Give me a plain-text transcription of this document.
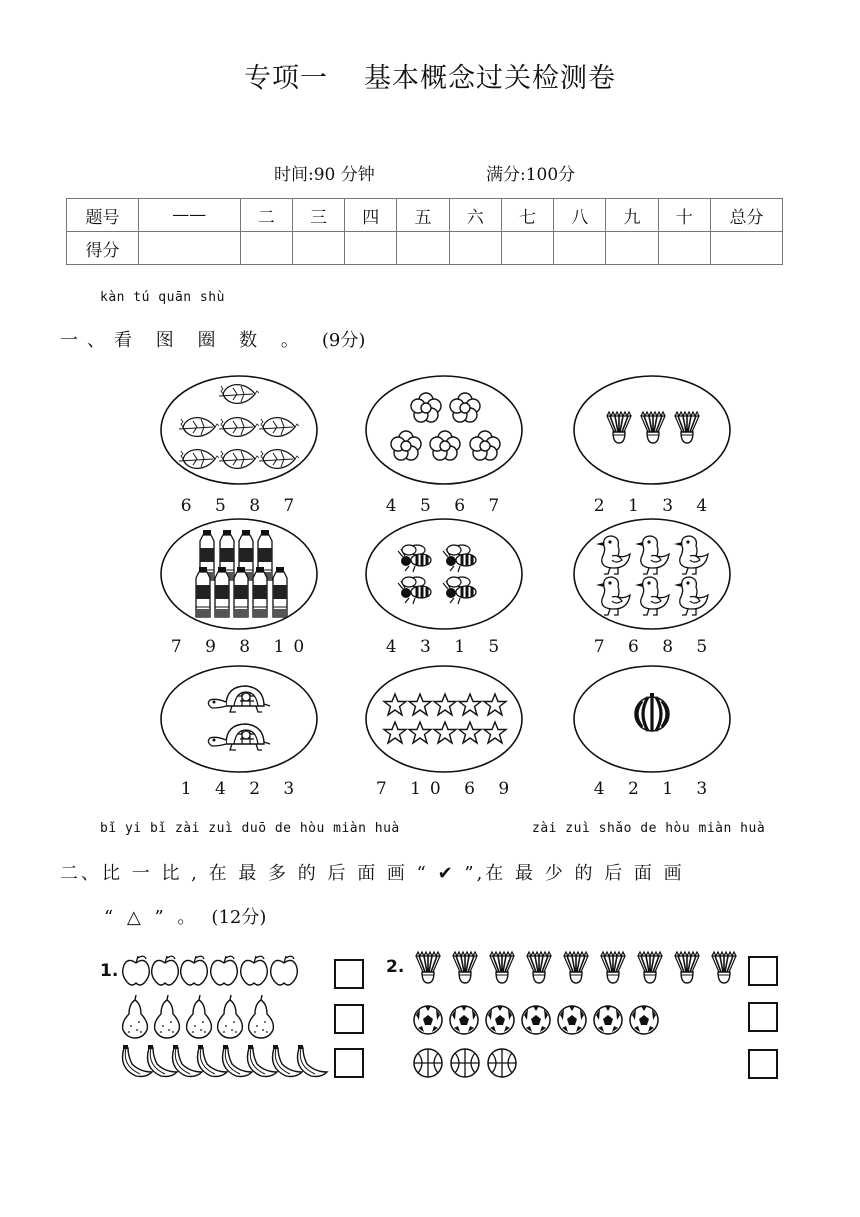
专项一 基本概念过关检测卷
时间:90 分钟	满分:100分
题号	——	二	三	四	五	六	七	八	九	十	总分
得分											
kàn tú quān shù
一、看 图 圈 数 。 (9分)
6 5 8 7	4 5 6 7	2 1 3 4
7 9 8 10	4 3 1 5	7 6 8 5
1 4 2 3	7 10 6 9	4 2 1 3
bǐ yi bǐ zài zuì duō de hòu miàn huà	zài zuì shǎo de hòu miàn huà
二、比 一 比 , 在 最 多 的 后 面 画 “ ✔ ”,在 最 少 的 后 面 画
“ △ ” 。 (12分)
1.	2.
